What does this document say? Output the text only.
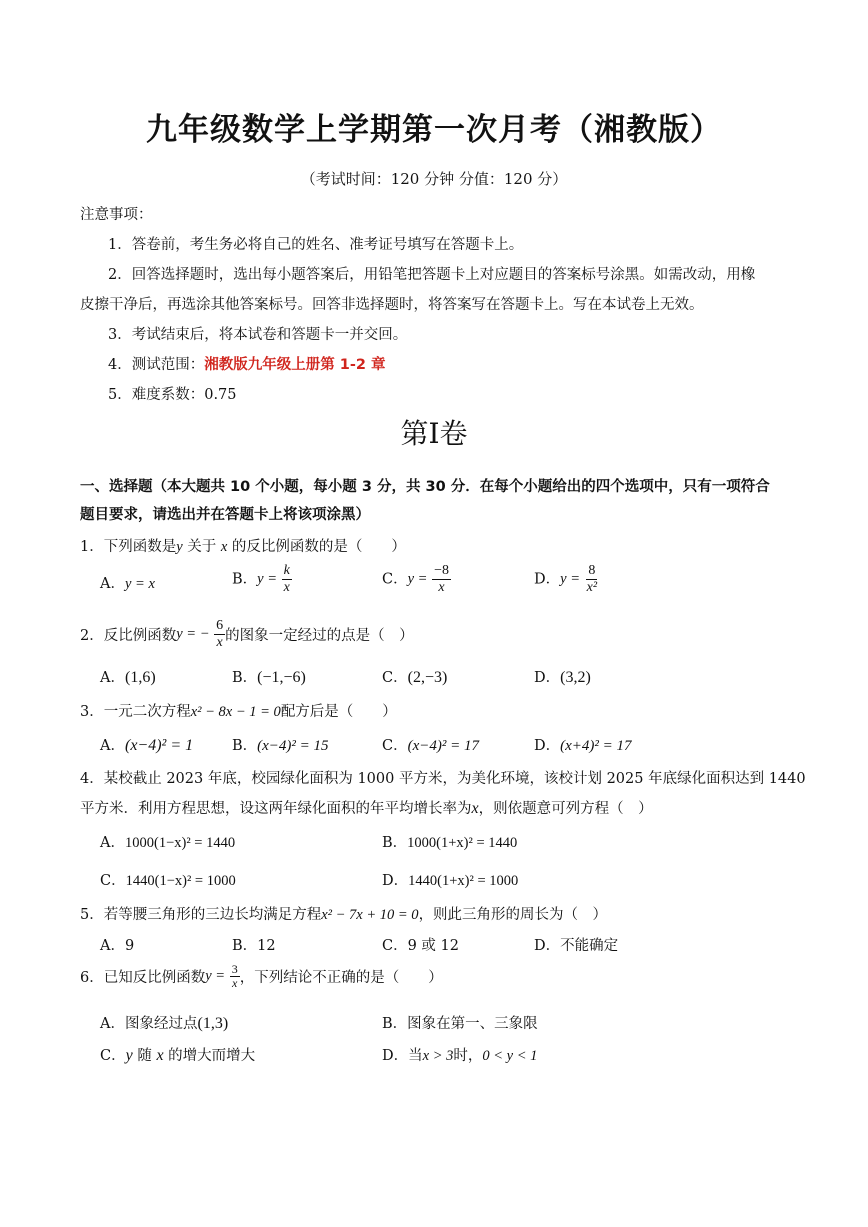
九年级数学上学期第一次月考（湘教版）
（考试时间：120 分钟 分值：120 分）
注意事项：
1．答卷前，考生务必将自己的姓名、准考证号填写在答题卡上。
2．回答选择题时，选出每小题答案后，用铅笔把答题卡上对应题目的答案标号涂黑。如需改动，用橡
皮擦干净后，再选涂其他答案标号。回答非选择题时，将答案写在答题卡上。写在本试卷上无效。
3．考试结束后，将本试卷和答题卡一并交回。
4．测试范围：湘教版九年级上册第 1-2 章
5．难度系数：0.75
第I卷
一、选择题（本大题共 10 个小题，每小题 3 分，共 30 分．在每个小题给出的四个选项中，只有一项符合
题目要求，请选出并在答题卡上将该项涂黑）
1．下列函数是y 关于 x 的反比例函数的是（　　）
A．y = x	B．$y = \frac{k}{x}$	C．$y = \frac{-8}{x}$	D．$y = \frac{8}{\text{x²}}$
2．反比例函数y = − $\frac{6}{x}$ 的图象一定经过的点是（　）
A．(1,6)	B．(−1,−6)	C．(2,−3)	D．(3,2)
3．一元二次方程x² − 8x − 1 = 0配方后是（　　）
A．(x−4)² = 1	B．(x−4)² = 15	C．(x−4)² = 17	D．(x+4)² = 17
4．某校截止 2023 年底，校园绿化面积为 1000 平方米，为美化环境，该校计划 2025 年底绿化面积达到 1440
平方米．利用方程思想，设这两年绿化面积的年平均增长率为x，则依题意可列方程（　）
A．1000(1−x)² = 1440	B．1000(1+x)² = 1440
C．1440(1−x)² = 1000	D．1440(1+x)² = 1000
5．若等腰三角形的三边长均满足方程x² − 7x + 10 = 0，则此三角形的周长为（　）
A．9	B．12	C．9 或 12	D．不能确定
6．已知反比例函数$y = \frac{3}{x}$ ，下列结论不正确的是（　　）
A．图象经过点(1,3)	B．图象在第一、三象限
C．y 随 x 的增大而增大	D．当x > 3时，0 < y < 1
